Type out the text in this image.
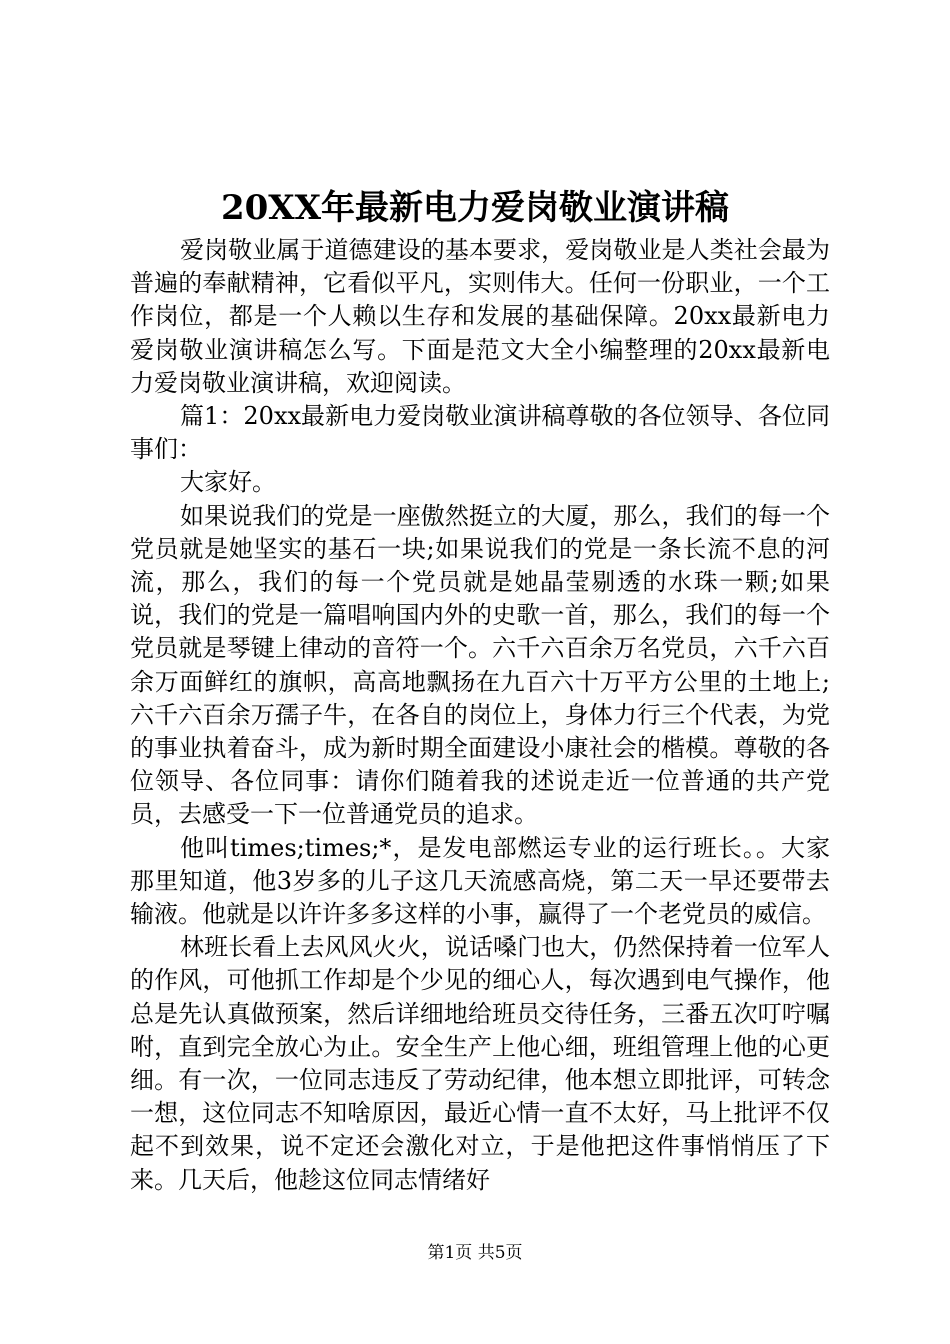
20XX年最新电力爱岗敬业演讲稿

爱岗敬业属于道德建设的基本要求，爱岗敬业是人类社会最为普遍的奉献精神，它看似平凡，实则伟大。任何一份职业，一个工作岗位，都是一个人赖以生存和发展的基础保障。20xx最新电力爱岗敬业演讲稿怎么写。下面是范文大全小编整理的20xx最新电力爱岗敬业演讲稿，欢迎阅读。

篇1：20xx最新电力爱岗敬业演讲稿尊敬的各位领导、各位同事们：

大家好。

如果说我们的党是一座傲然挺立的大厦，那么，我们的每一个党员就是她坚实的基石一块;如果说我们的党是一条长流不息的河流，那么，我们的每一个党员就是她晶莹剔透的水珠一颗;如果说，我们的党是一篇唱响国内外的史歌一首，那么，我们的每一个党员就是琴键上律动的音符一个。六千六百余万名党员，六千六百余万面鲜红的旗帜，高高地飘扬在九百六十万平方公里的土地上;六千六百余万孺子牛，在各自的岗位上，身体力行三个代表，为党的事业执着奋斗，成为新时期全面建设小康社会的楷模。尊敬的各位领导、各位同事：请你们随着我的述说走近一位普通的共产党员，去感受一下一位普通党员的追求。

他叫times;times;*，是发电部燃运专业的运行班长。。大家那里知道，他3岁多的儿子这几天流感高烧，第二天一早还要带去输液。他就是以许许多多这样的小事，赢得了一个老党员的威信。

林班长看上去风风火火，说话嗓门也大，仍然保持着一位军人的作风，可他抓工作却是个少见的细心人，每次遇到电气操作，他总是先认真做预案，然后详细地给班员交待任务，三番五次叮咛嘱咐，直到完全放心为止。安全生产上他心细，班组管理上他的心更细。有一次，一位同志违反了劳动纪律，他本想立即批评，可转念一想，这位同志不知啥原因，最近心情一直不太好，马上批评不仅起不到效果，说不定还会激化对立，于是他把这件事悄悄压了下来。几天后，他趁这位同志情绪好

第1页 共5页
